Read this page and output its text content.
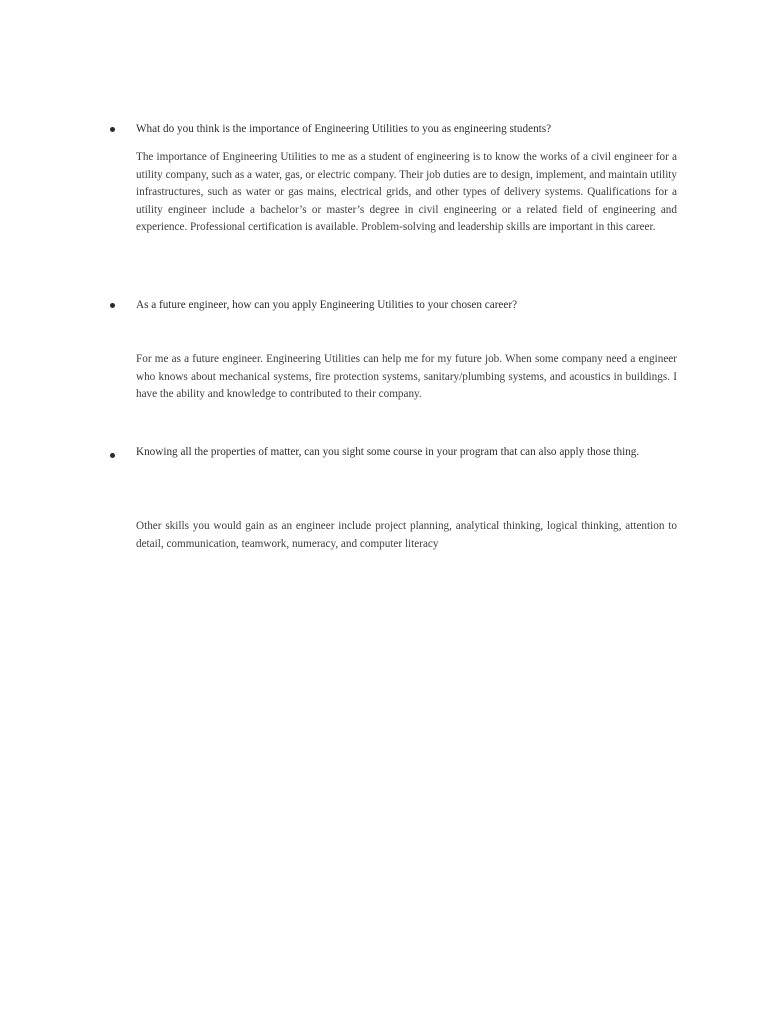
What do you think is the importance of Engineering Utilities to you as engineering students?
The importance of Engineering Utilities to me as a student of engineering is to know the works of a civil engineer for a utility company, such as a water, gas, or electric company. Their job duties are to design, implement, and maintain utility infrastructures, such as water or gas mains, electrical grids, and other types of delivery systems. Qualifications for a utility engineer include a bachelor’s or master’s degree in civil engineering or a related field of engineering and experience. Professional certification is available. Problem-solving and leadership skills are important in this career.
As a future engineer, how can you apply Engineering Utilities to your chosen career?
For me as a future engineer. Engineering Utilities can help me for my future job. When some company need a engineer who knows about mechanical systems, fire protection systems, sanitary/plumbing systems, and acoustics in buildings. I have the ability and knowledge to contributed to their company.
Knowing all the properties of matter, can you sight some course in your program that can also apply those thing.
Other skills you would gain as an engineer include project planning, analytical thinking, logical thinking, attention to detail, communication, teamwork, numeracy, and computer literacy
